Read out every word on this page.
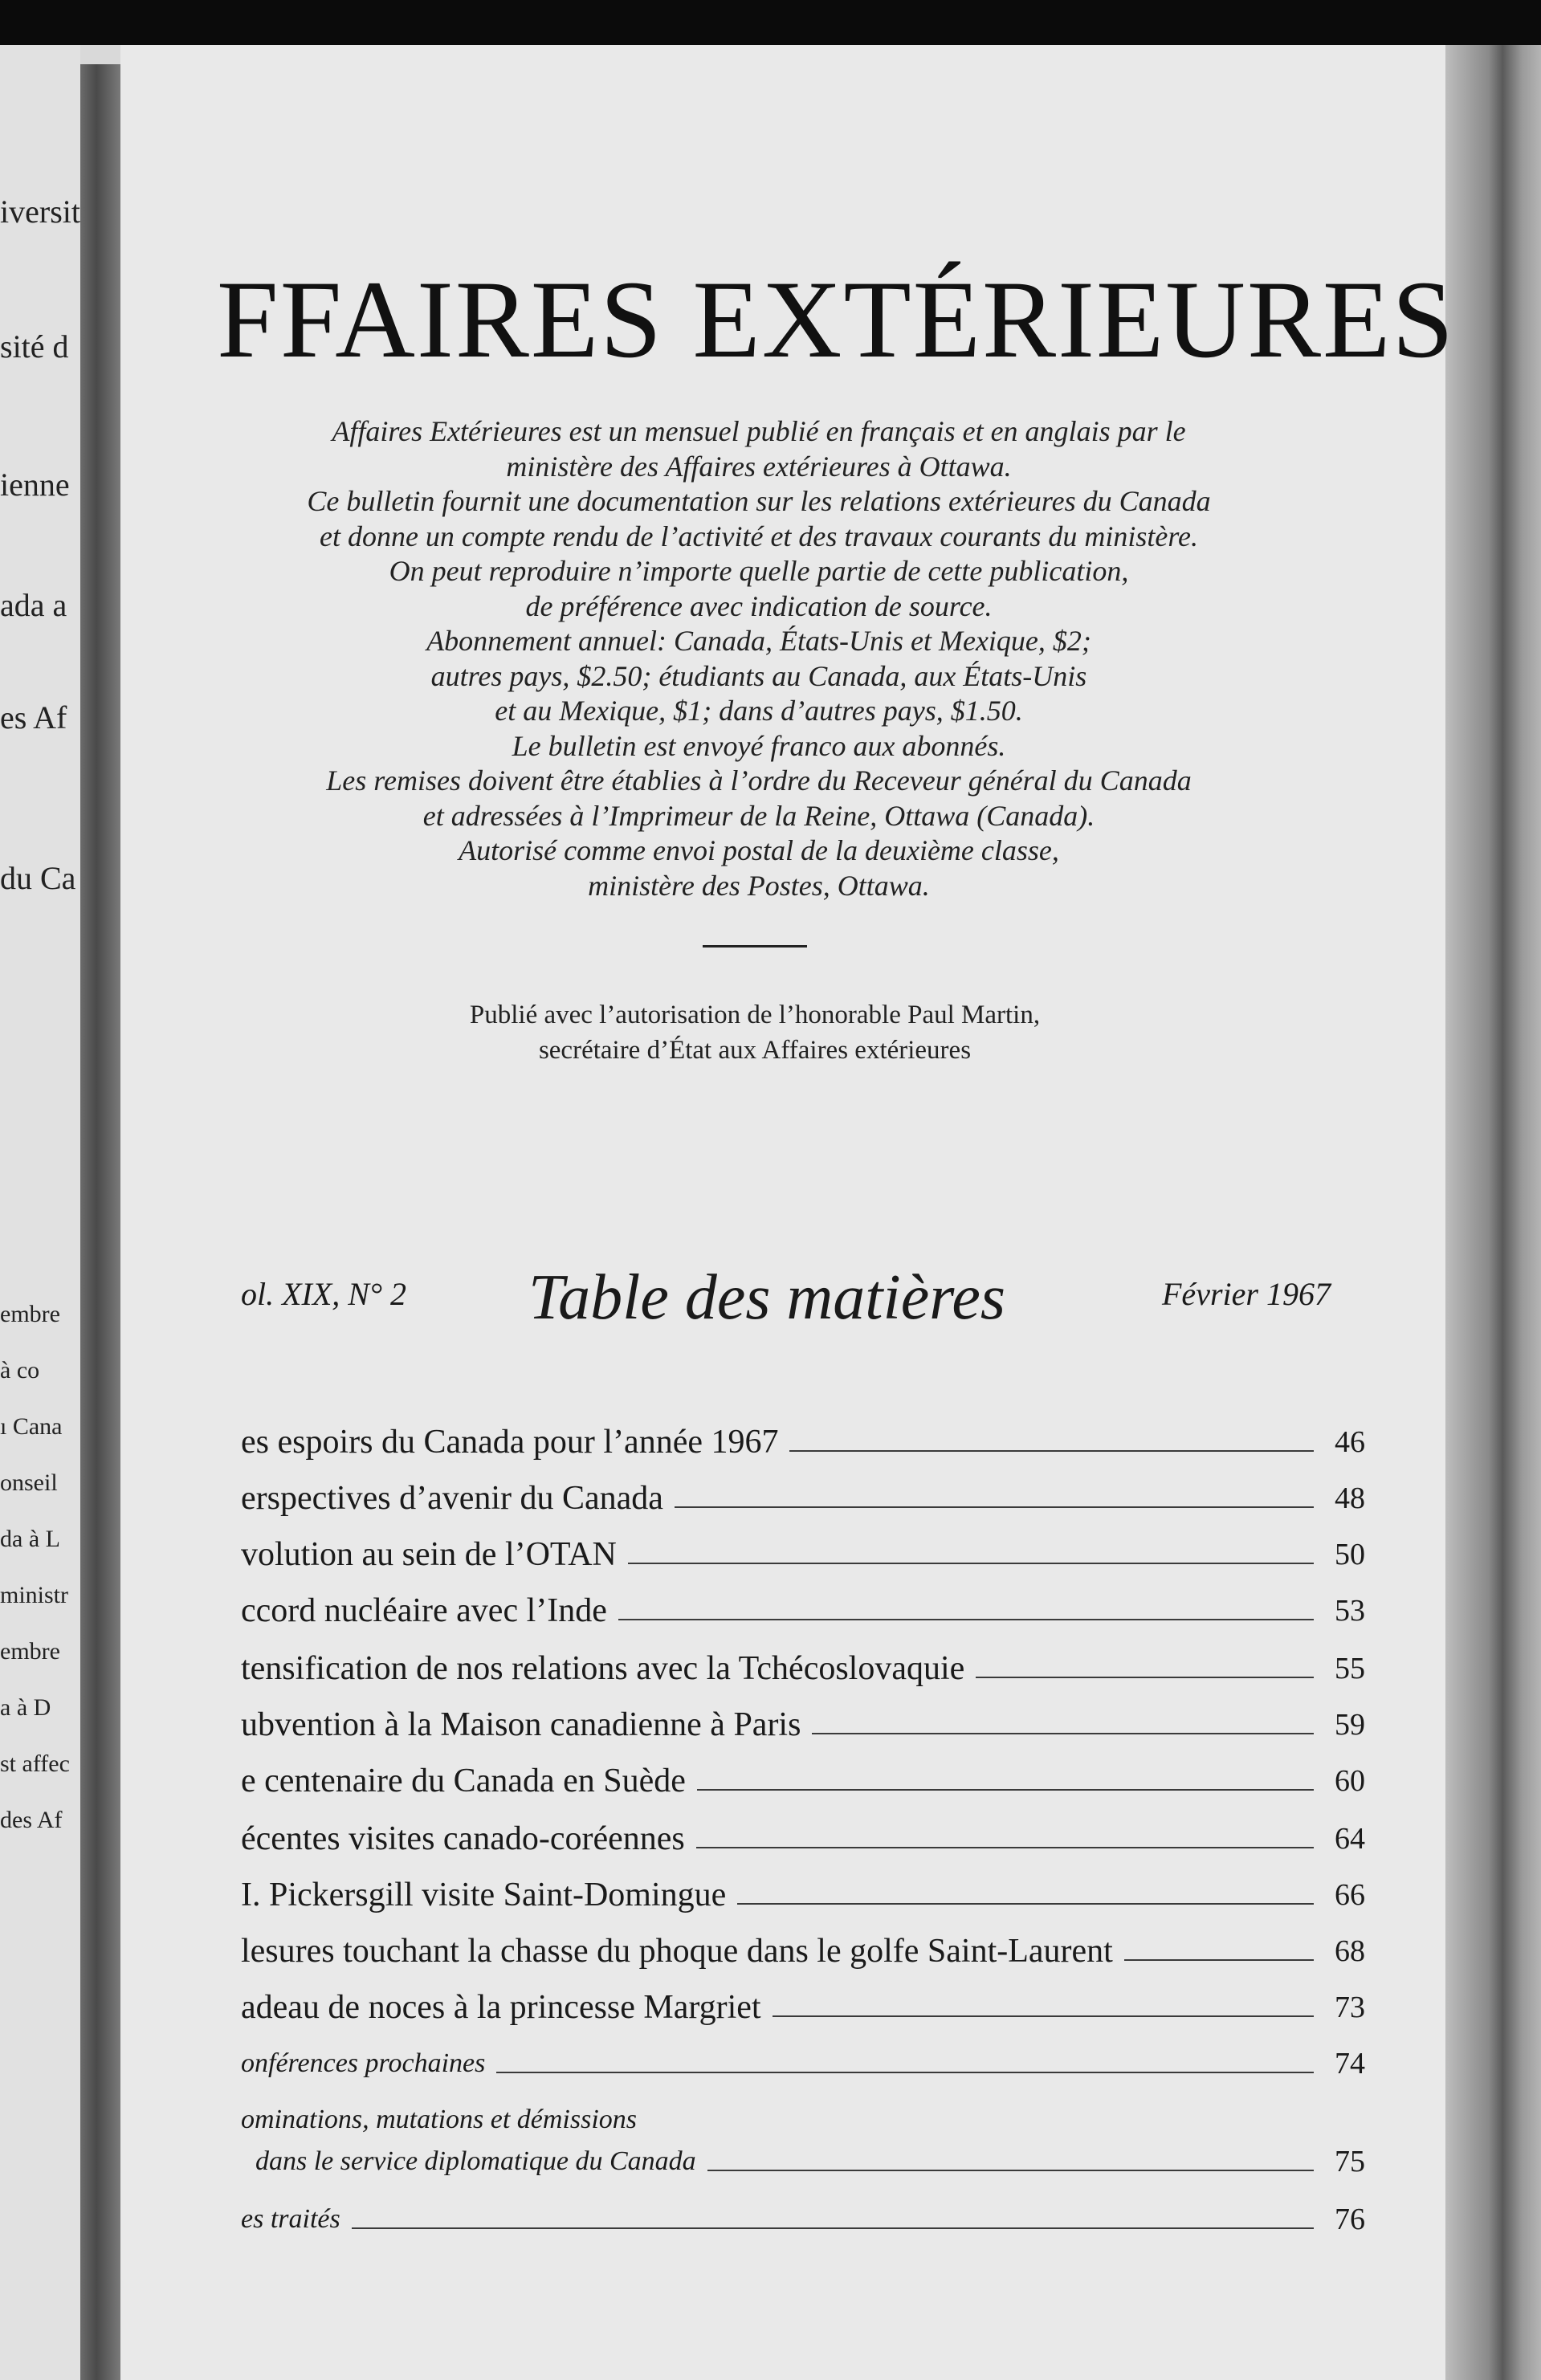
iversit
sité d
ienne
ada a
es Af
du Ca
embre
à co
ı Cana
onseil
da à L
ministr
embre
a à D
st affec
des Af
FFAIRES EXTÉRIEURES
Affaires Extérieures est un mensuel publié en français et en anglais par le
ministère des Affaires extérieures à Ottawa.
Ce bulletin fournit une documentation sur les relations extérieures du Canada
et donne un compte rendu de l’activité et des travaux courants du ministère.
On peut reproduire n’importe quelle partie de cette publication,
de préférence avec indication de source.
Abonnement annuel: Canada, États-Unis et Mexique, $2;
autres pays, $2.50; étudiants au Canada, aux États-Unis
et au Mexique, $1; dans d’autres pays, $1.50.
Le bulletin est envoyé franco aux abonnés.
Les remises doivent être établies à l’ordre du Receveur général du Canada
et adressées à l’Imprimeur de la Reine, Ottawa (Canada).
Autorisé comme envoi postal de la deuxième classe,
ministère des Postes, Ottawa.
Publié avec l’autorisation de l’honorable Paul Martin,
secrétaire d’État aux Affaires extérieures
ol. XIX, N° 2 Table des matières	Février 1967
es espoirs du Canada pour l’année 1967	46
erspectives d’avenir du Canada	48
volution au sein de l’OTAN	50
ccord nucléaire avec l’Inde	53
tensification de nos relations avec la Tchécoslovaquie	55
ubvention à la Maison canadienne à Paris	59
e centenaire du Canada en Suède	60
écentes visites canado-coréennes	64
I. Pickersgill visite Saint-Domingue	66
lesures touchant la chasse du phoque dans le golfe Saint-Laurent	68
adeau de noces à la princesse Margriet	73
onférences prochaines	74
ominations, mutations et démissions
dans le service diplomatique du Canada	75
es traités	76
